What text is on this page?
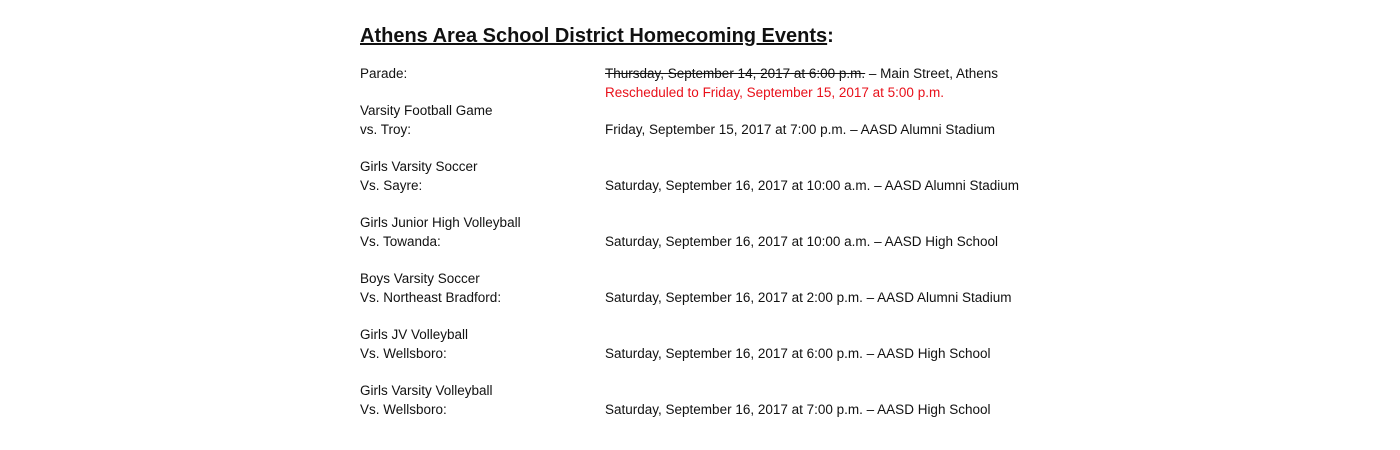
Athens Area School District Homecoming Events:
Parade:	Thursday, September 14, 2017 at 6:00 p.m. – Main Street, Athens
Rescheduled to Friday, September 15, 2017 at 5:00 p.m.
Varsity Football Game
vs. Troy:	Friday, September 15, 2017 at 7:00 p.m. – AASD Alumni Stadium
Girls Varsity Soccer
Vs. Sayre:	Saturday, September 16, 2017 at 10:00 a.m. – AASD Alumni Stadium
Girls Junior High Volleyball
Vs. Towanda:	Saturday, September 16, 2017 at 10:00 a.m. – AASD High School
Boys Varsity Soccer
Vs. Northeast Bradford:	Saturday, September 16, 2017 at 2:00 p.m. – AASD Alumni Stadium
Girls JV Volleyball
Vs. Wellsboro:	Saturday, September 16, 2017 at 6:00 p.m. – AASD High School
Girls Varsity Volleyball
Vs. Wellsboro:	Saturday, September 16, 2017 at 7:00 p.m. – AASD High School
